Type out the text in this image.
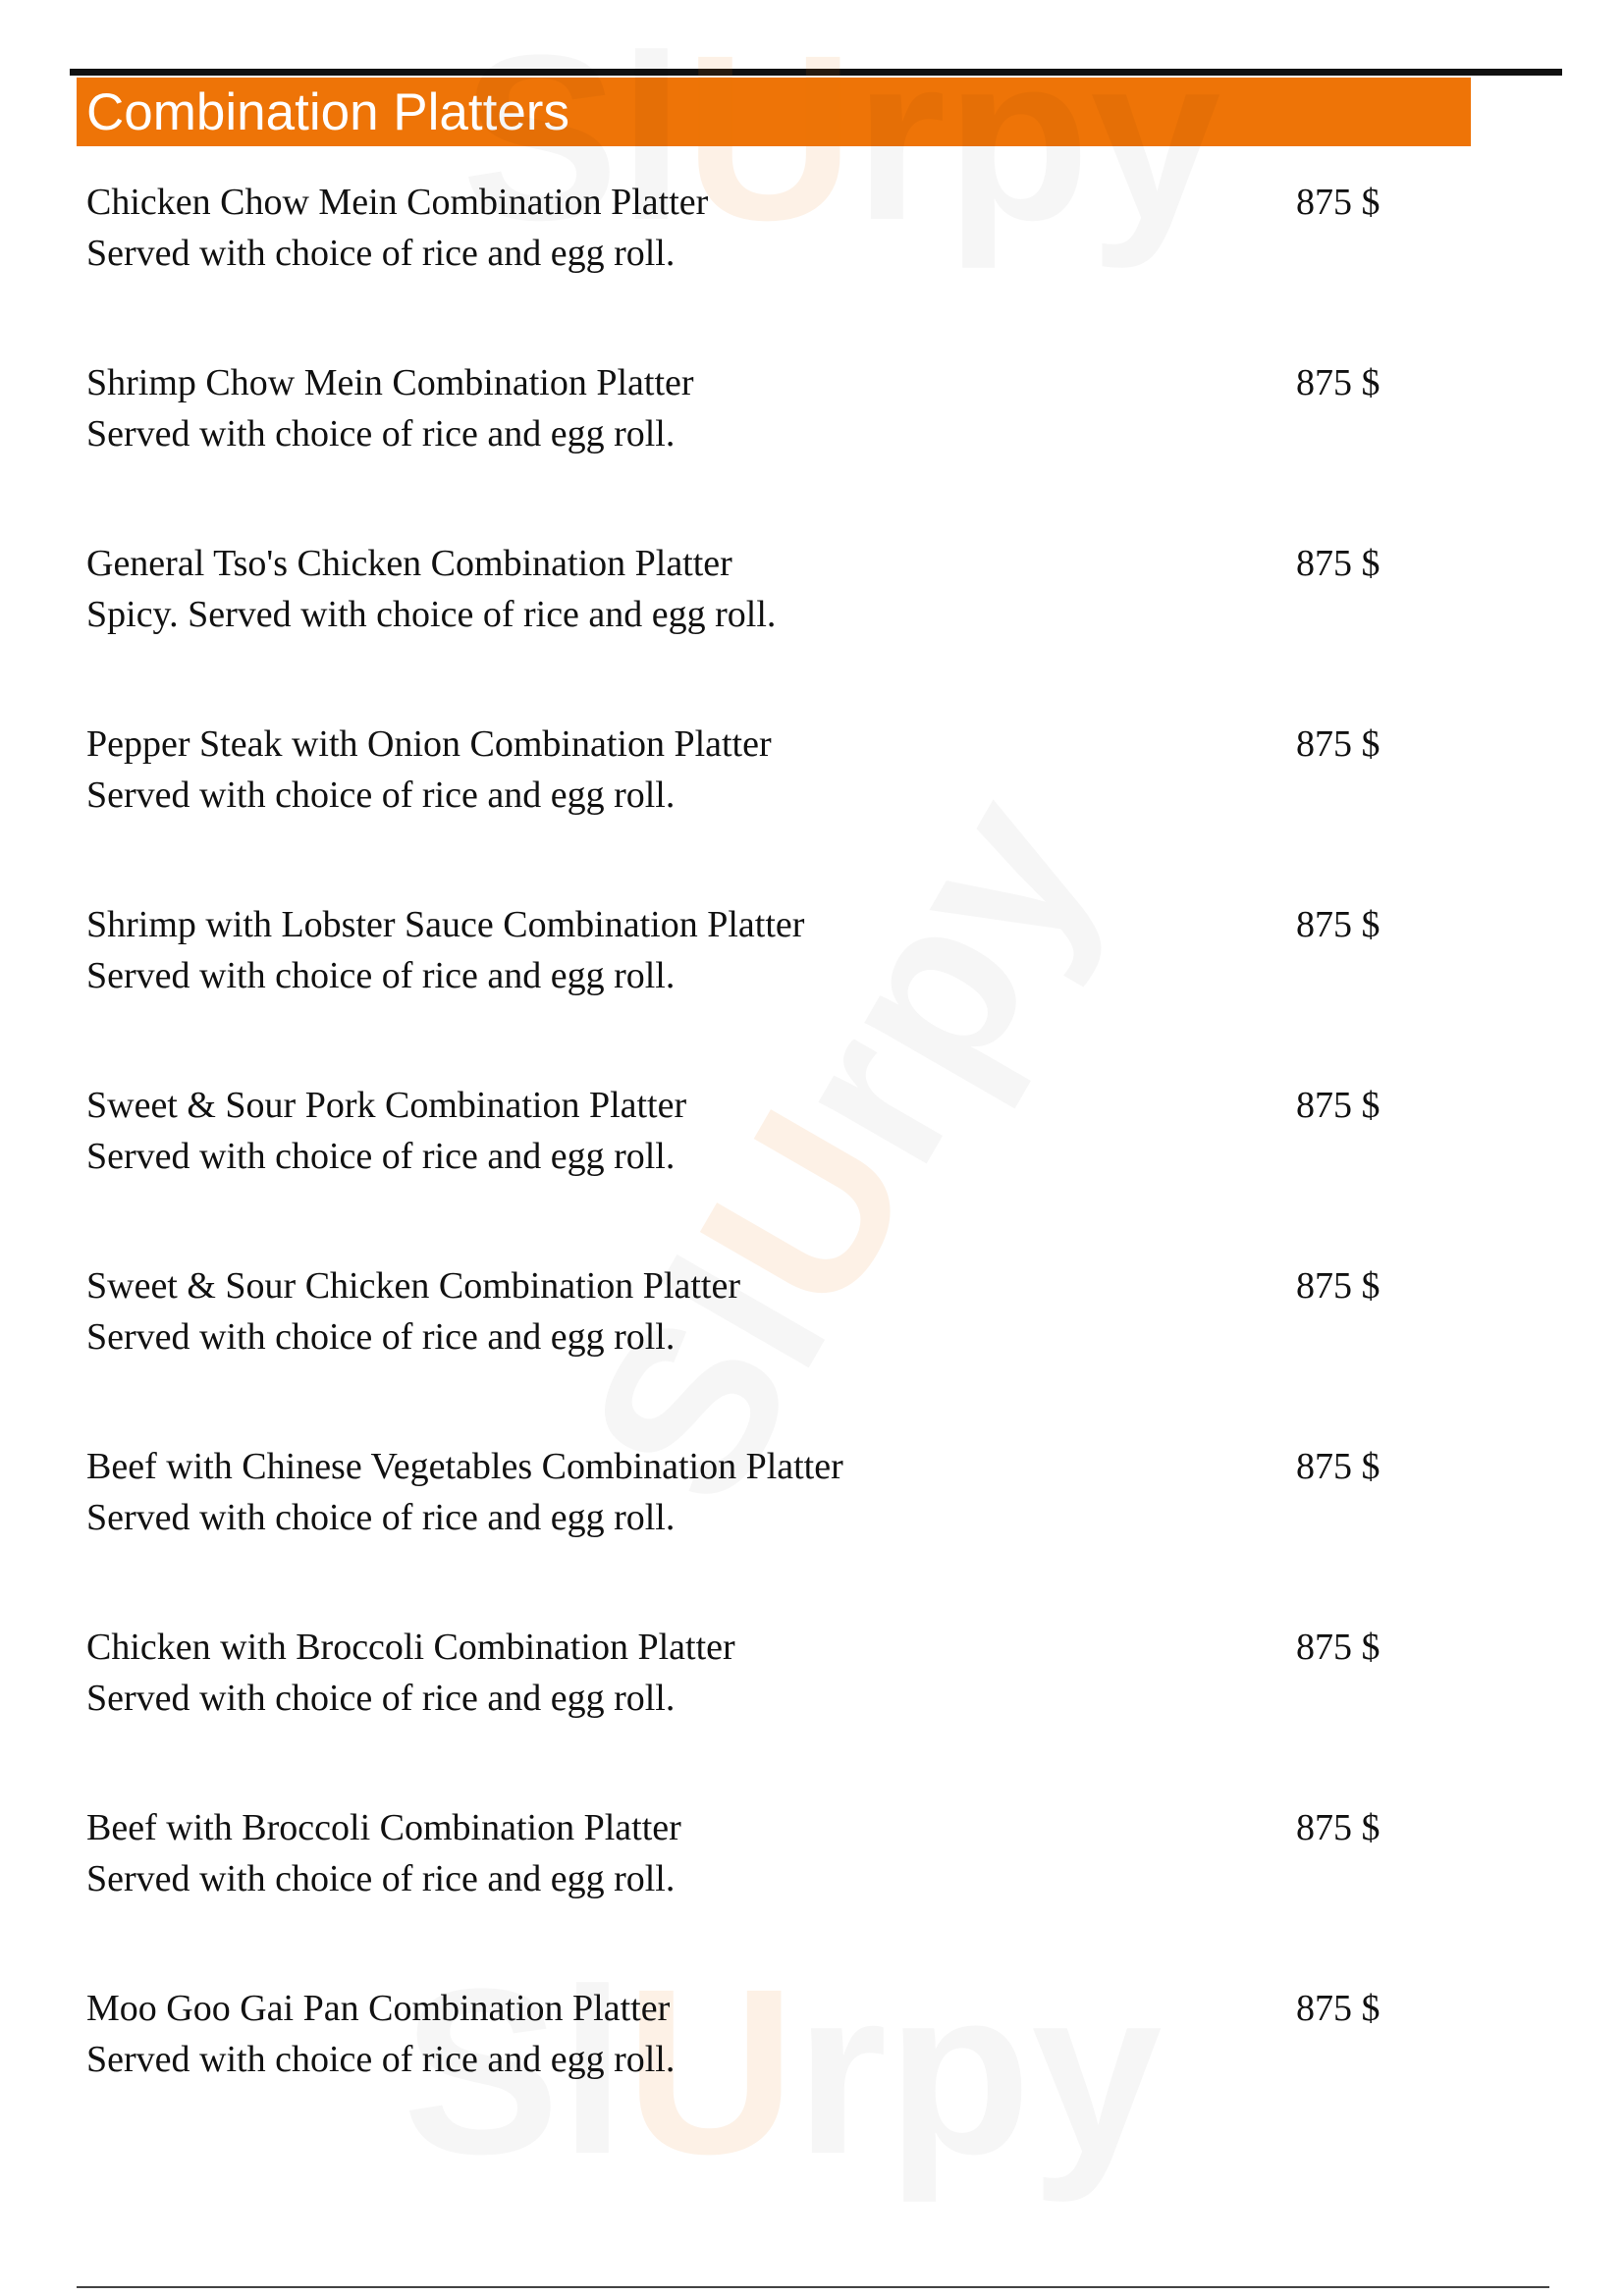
Combination Platters
U
U
Chicken Chow Mein Combination Platter
Served with choice of rice and egg roll.
875 $
Shrimp Chow Mein Combination Platter
Served with choice of rice and egg roll.
875 $
General Tso's Chicken Combination Platter
Spicy. Served with choice of rice and egg roll.
875 $
Pepper Steak with Onion Combination Platter
Served with choice of rice and egg roll.
875 $
Shrimp with Lobster Sauce Combination Platter
Served with choice of rice and egg roll.
875 $
Sweet & Sour Pork Combination Platter
Served with choice of rice and egg roll.
875 $
Sweet & Sour Chicken Combination Platter
Served with choice of rice and egg roll.
875 $
Beef with Chinese Vegetables Combination Platter
Served with choice of rice and egg roll.
875 $
Chicken with Broccoli Combination Platter
Served with choice of rice and egg roll.
875 $
Beef with Broccoli Combination Platter
Served with choice of rice and egg roll.
875 $
Moo Goo Gai Pan Combination Platter
Served with choice of rice and egg roll.
875 $
